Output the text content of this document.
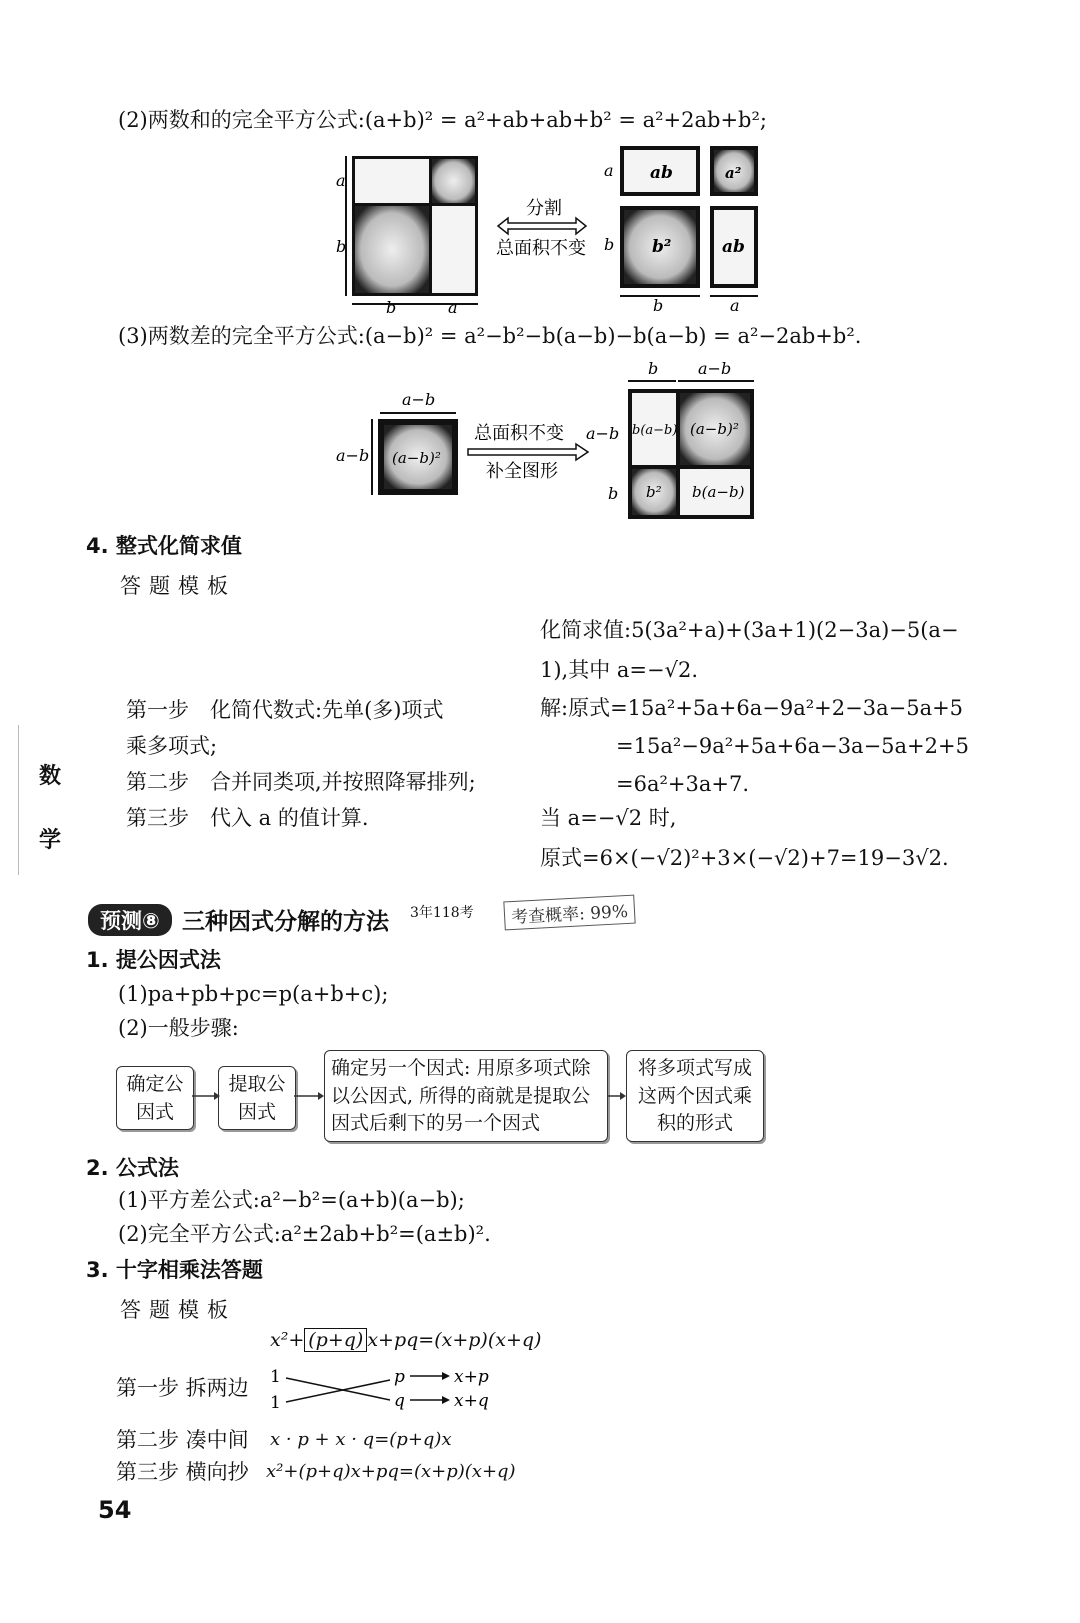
(2)两数和的完全平方公式:(a+b)² = a²+ab+ab+b² = a²+2ab+b²;
a
b
b	a
分割
总面积不变
ab	a²
b²	ab
a
b
b	a
(3)两数差的完全平方公式:(a−b)² = a²−b²−b(a−b)−b(a−b) = a²−2ab+b².
a−b
(a−b)²
a−b
总面积不变
补全图形
a−b
b
b a−b
b(a−b) (a−b)²
b² b(a−b)
4. 整式化简求值
答题模板
化简求值:5(3a²+a)+(3a+1)(2−3a)−5(a−
1),其中 a=−√2.
第一步　化简代数式:先单(多)项式
乘多项式;
第二步　合并同类项,并按照降幂排列;
第三步　代入 a 的值计算.
解:原式=15a²+5a+6a−9a²+2−3a−5a+5
=15a²−9a²+5a+6a−3a−5a+2+5
=6a²+3a+7.
当 a=−√2 时,
原式=6×(−√2)²+3×(−√2)+7=19−3√2.
数
学
预测⑧ 三种因式分解的方法 3年118考	考查概率: 99%
1. 提公因式法
(1)pa+pb+pc=p(a+b+c);
(2)一般步骤:
确定公因式
提取公因式
确定另一个因式: 用原多项式除以公因式, 所得的商就是提取公因式后剩下的另一个因式
将多项式写成这两个因式乘积的形式
2. 公式法
(1)平方差公式:a²−b²=(a+b)(a−b);
(2)完全平方公式:a²±2ab+b²=(a±b)².
3. 十字相乘法答题
答题模板
x²+ (p+q) x+pq=(x+p)(x+q)
第一步 拆两边 1
1
p
q
x+p
x+q
第二步 凑中间 x · p + x · q=(p+q)x
第三步 横向抄 x²+(p+q)x+pq=(x+p)(x+q)
54
